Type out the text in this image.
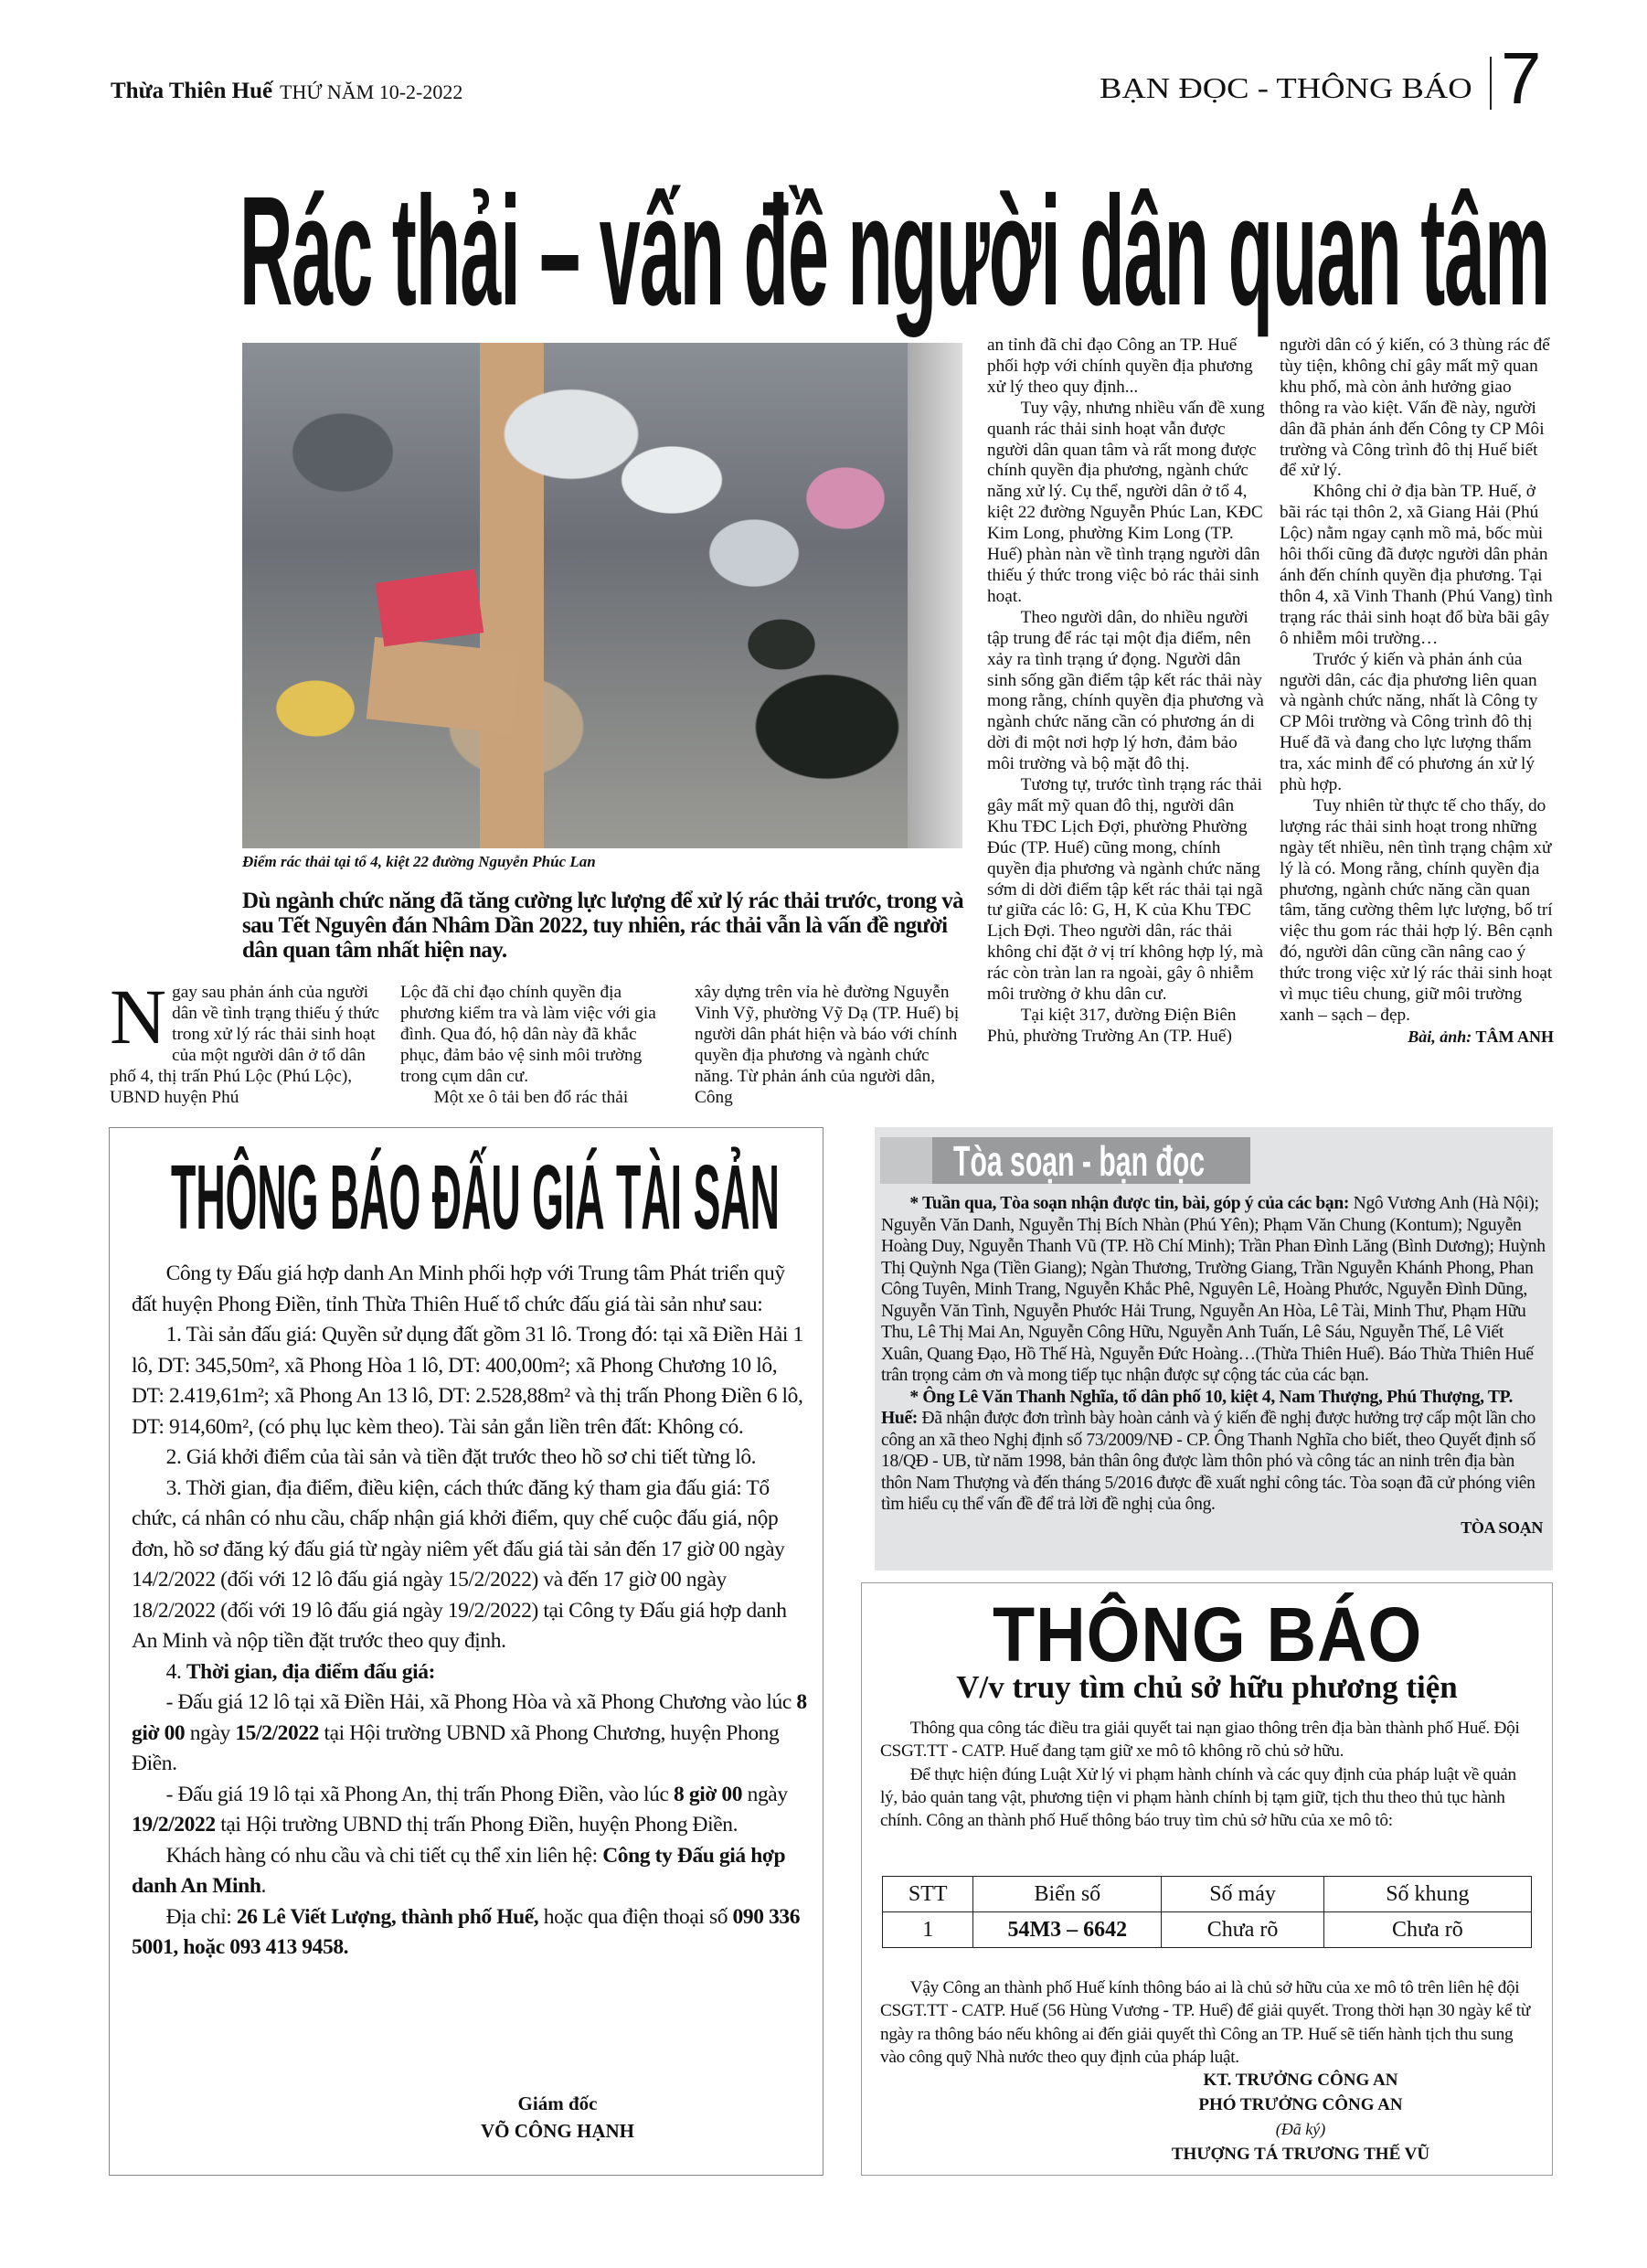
Thừa Thiên Huế THỨ NĂM 10-2-2022	BẠN ĐỌC - THÔNG BÁO 7
Rác thải – vấn đề người dân quan tâm
Điểm rác thải tại tổ 4, kiệt 22 đường Nguyễn Phúc Lan
Dù ngành chức năng đã tăng cường lực lượng để xử lý rác thải trước, trong và sau Tết Nguyên đán Nhâm Dần 2022, tuy nhiên, rác thải vẫn là vấn đề người dân quan tâm nhất hiện nay.

Ngay sau phản ánh của người dân về tình trạng thiếu ý thức trong xử lý rác thải sinh hoạt của một người dân ở tổ dân phố 4, thị trấn Phú Lộc (Phú Lộc), UBND huyện Phú

Lộc đã chỉ đạo chính quyền địa phương kiểm tra và làm việc với gia đình. Qua đó, hộ dân này đã khắc phục, đảm bảo vệ sinh môi trường trong cụm dân cư.

Một xe ô tải ben đổ rác thải

xây dựng trên vỉa hè đường Nguyễn Vinh Vỹ, phường Vỹ Dạ (TP. Huế) bị người dân phát hiện và báo với chính quyền địa phương và ngành chức năng. Từ phản ánh của người dân, Công

an tỉnh đã chỉ đạo Công an TP. Huế phối hợp với chính quyền địa phương xử lý theo quy định...

Tuy vậy, nhưng nhiều vấn đề xung quanh rác thải sinh hoạt vẫn được người dân quan tâm và rất mong được chính quyền địa phương, ngành chức năng xử lý. Cụ thể, người dân ở tổ 4, kiệt 22 đường Nguyễn Phúc Lan, KĐC Kim Long, phường Kim Long (TP. Huế) phàn nàn về tình trạng người dân thiếu ý thức trong việc bỏ rác thải sinh hoạt.

Theo người dân, do nhiều người tập trung để rác tại một địa điểm, nên xảy ra tình trạng ứ đọng. Người dân sinh sống gần điểm tập kết rác thải này mong rằng, chính quyền địa phương và ngành chức năng cần có phương án di dời đi một nơi hợp lý hơn, đảm bảo môi trường và bộ mặt đô thị.

Tương tự, trước tình trạng rác thải gây mất mỹ quan đô thị, người dân Khu TĐC Lịch Đợi, phường Phường Đúc (TP. Huế) cũng mong, chính quyền địa phương và ngành chức năng sớm di dời điểm tập kết rác thải tại ngã tư giữa các lô: G, H, K của Khu TĐC Lịch Đợi. Theo người dân, rác thải không chỉ đặt ở vị trí không hợp lý, mà rác còn tràn lan ra ngoài, gây ô nhiễm môi trường ở khu dân cư.

Tại kiệt 317, đường Điện Biên Phủ, phường Trường An (TP. Huế)

người dân có ý kiến, có 3 thùng rác để tùy tiện, không chỉ gây mất mỹ quan khu phố, mà còn ảnh hưởng giao thông ra vào kiệt. Vấn đề này, người dân đã phản ánh đến Công ty CP Môi trường và Công trình đô thị Huế biết để xử lý.

Không chỉ ở địa bàn TP. Huế, ở bãi rác tại thôn 2, xã Giang Hải (Phú Lộc) nằm ngay cạnh mồ mả, bốc mùi hôi thối cũng đã được người dân phản ánh đến chính quyền địa phương. Tại thôn 4, xã Vinh Thanh (Phú Vang) tình trạng rác thải sinh hoạt đổ bừa bãi gây ô nhiễm môi trường…

Trước ý kiến và phản ánh của người dân, các địa phương liên quan và ngành chức năng, nhất là Công ty CP Môi trường và Công trình đô thị Huế đã và đang cho lực lượng thẩm tra, xác minh để có phương án xử lý phù hợp.

Tuy nhiên từ thực tế cho thấy, do lượng rác thải sinh hoạt trong những ngày tết nhiều, nên tình trạng chậm xử lý là có. Mong rằng, chính quyền địa phương, ngành chức năng cần quan tâm, tăng cường thêm lực lượng, bố trí việc thu gom rác thải hợp lý. Bên cạnh đó, người dân cũng cần nâng cao ý thức trong việc xử lý rác thải sinh hoạt vì mục tiêu chung, giữ môi trường xanh – sạch – đẹp.

Bài, ảnh: TÂM ANH
THÔNG BÁO ĐẤU GIÁ TÀI SẢN

Công ty Đấu giá hợp danh An Minh phối hợp với Trung tâm Phát triển quỹ đất huyện Phong Điền, tỉnh Thừa Thiên Huế tổ chức đấu giá tài sản như sau:

1. Tài sản đấu giá: Quyền sử dụng đất gồm 31 lô. Trong đó: tại xã Điền Hải 1 lô, DT: 345,50m², xã Phong Hòa 1 lô, DT: 400,00m²; xã Phong Chương 10 lô, DT: 2.419,61m²; xã Phong An 13 lô, DT: 2.528,88m² và thị trấn Phong Điền 6 lô, DT: 914,60m², (có phụ lục kèm theo). Tài sản gắn liền trên đất: Không có.

2. Giá khởi điểm của tài sản và tiền đặt trước theo hồ sơ chi tiết từng lô.

3. Thời gian, địa điểm, điều kiện, cách thức đăng ký tham gia đấu giá: Tổ chức, cá nhân có nhu cầu, chấp nhận giá khởi điểm, quy chế cuộc đấu giá, nộp đơn, hồ sơ đăng ký đấu giá từ ngày niêm yết đấu giá tài sản đến 17 giờ 00 ngày 14/2/2022 (đối với 12 lô đấu giá ngày 15/2/2022) và đến 17 giờ 00 ngày 18/2/2022 (đối với 19 lô đấu giá ngày 19/2/2022) tại Công ty Đấu giá hợp danh An Minh và nộp tiền đặt trước theo quy định.

4. Thời gian, địa điểm đấu giá:

- Đấu giá 12 lô tại xã Điền Hải, xã Phong Hòa và xã Phong Chương vào lúc 8 giờ 00 ngày 15/2/2022 tại Hội trường UBND xã Phong Chương, huyện Phong Điền.

- Đấu giá 19 lô tại xã Phong An, thị trấn Phong Điền, vào lúc 8 giờ 00 ngày 19/2/2022 tại Hội trường UBND thị trấn Phong Điền, huyện Phong Điền.

Khách hàng có nhu cầu và chi tiết cụ thể xin liên hệ: Công ty Đấu giá hợp danh An Minh.

Địa chỉ: 26 Lê Viết Lượng, thành phố Huế, hoặc qua điện thoại số 090 336 5001, hoặc 093 413 9458.

Giám đốc
VÕ CÔNG HẠNH
Tòa soạn - bạn đọc

* Tuần qua, Tòa soạn nhận được tin, bài, góp ý của các bạn: Ngô Vương Anh (Hà Nội); Nguyễn Văn Danh, Nguyễn Thị Bích Nhàn (Phú Yên); Phạm Văn Chung (Kontum); Nguyễn Hoàng Duy, Nguyễn Thanh Vũ (TP. Hồ Chí Minh); Trần Phan Đình Lăng (Bình Dương); Huỳnh Thị Quỳnh Nga (Tiền Giang); Ngàn Thương, Trường Giang, Trần Nguyễn Khánh Phong, Phan Công Tuyên, Minh Trang, Nguyễn Khắc Phê, Nguyên Lê, Hoàng Phước, Nguyễn Đình Dũng, Nguyễn Văn Tình, Nguyễn Phước Hải Trung, Nguyễn An Hòa, Lê Tài, Minh Thư, Phạm Hữu Thu, Lê Thị Mai An, Nguyễn Công Hữu, Nguyễn Anh Tuấn, Lê Sáu, Nguyễn Thế, Lê Viết Xuân, Quang Đạo, Hồ Thế Hà, Nguyễn Đức Hoàng…(Thừa Thiên Huế). Báo Thừa Thiên Huế trân trọng cảm ơn và mong tiếp tục nhận được sự cộng tác của các bạn.

* Ông Lê Văn Thanh Nghĩa, tổ dân phố 10, kiệt 4, Nam Thượng, Phú Thượng, TP. Huế: Đã nhận được đơn trình bày hoàn cảnh và ý kiến đề nghị được hưởng trợ cấp một lần cho công an xã theo Nghị định số 73/2009/NĐ - CP. Ông Thanh Nghĩa cho biết, theo Quyết định số 18/QĐ - UB, từ năm 1998, bản thân ông được làm thôn phó và công tác an ninh trên địa bàn thôn Nam Thượng và đến tháng 5/2016 được đề xuất nghỉ công tác. Tòa soạn đã cử phóng viên tìm hiểu cụ thể vấn đề để trả lời đề nghị của ông.

TÒA SOẠN
THÔNG BÁO
V/v truy tìm chủ sở hữu phương tiện

Thông qua công tác điều tra giải quyết tai nạn giao thông trên địa bàn thành phố Huế. Đội CSGT.TT - CATP. Huế đang tạm giữ xe mô tô không rõ chủ sở hữu.

Để thực hiện đúng Luật Xử lý vi phạm hành chính và các quy định của pháp luật về quản lý, bảo quản tang vật, phương tiện vi phạm hành chính bị tạm giữ, tịch thu theo thủ tục hành chính. Công an thành phố Huế thông báo truy tìm chủ sở hữu của xe mô tô:

STT	Biển số	Số máy	Số khung
1	54M3 – 6642	Chưa rõ	Chưa rõ

Vậy Công an thành phố Huế kính thông báo ai là chủ sở hữu của xe mô tô trên liên hệ đội CSGT.TT - CATP. Huế (56 Hùng Vương - TP. Huế) để giải quyết. Trong thời hạn 30 ngày kể từ ngày ra thông báo nếu không ai đến giải quyết thì Công an TP. Huế sẽ tiến hành tịch thu sung vào công quỹ Nhà nước theo quy định của pháp luật.

KT. TRƯỞNG CÔNG AN
PHÓ TRƯỞNG CÔNG AN
(Đã ký)
THƯỢNG TÁ TRƯƠNG THẾ VŨ
